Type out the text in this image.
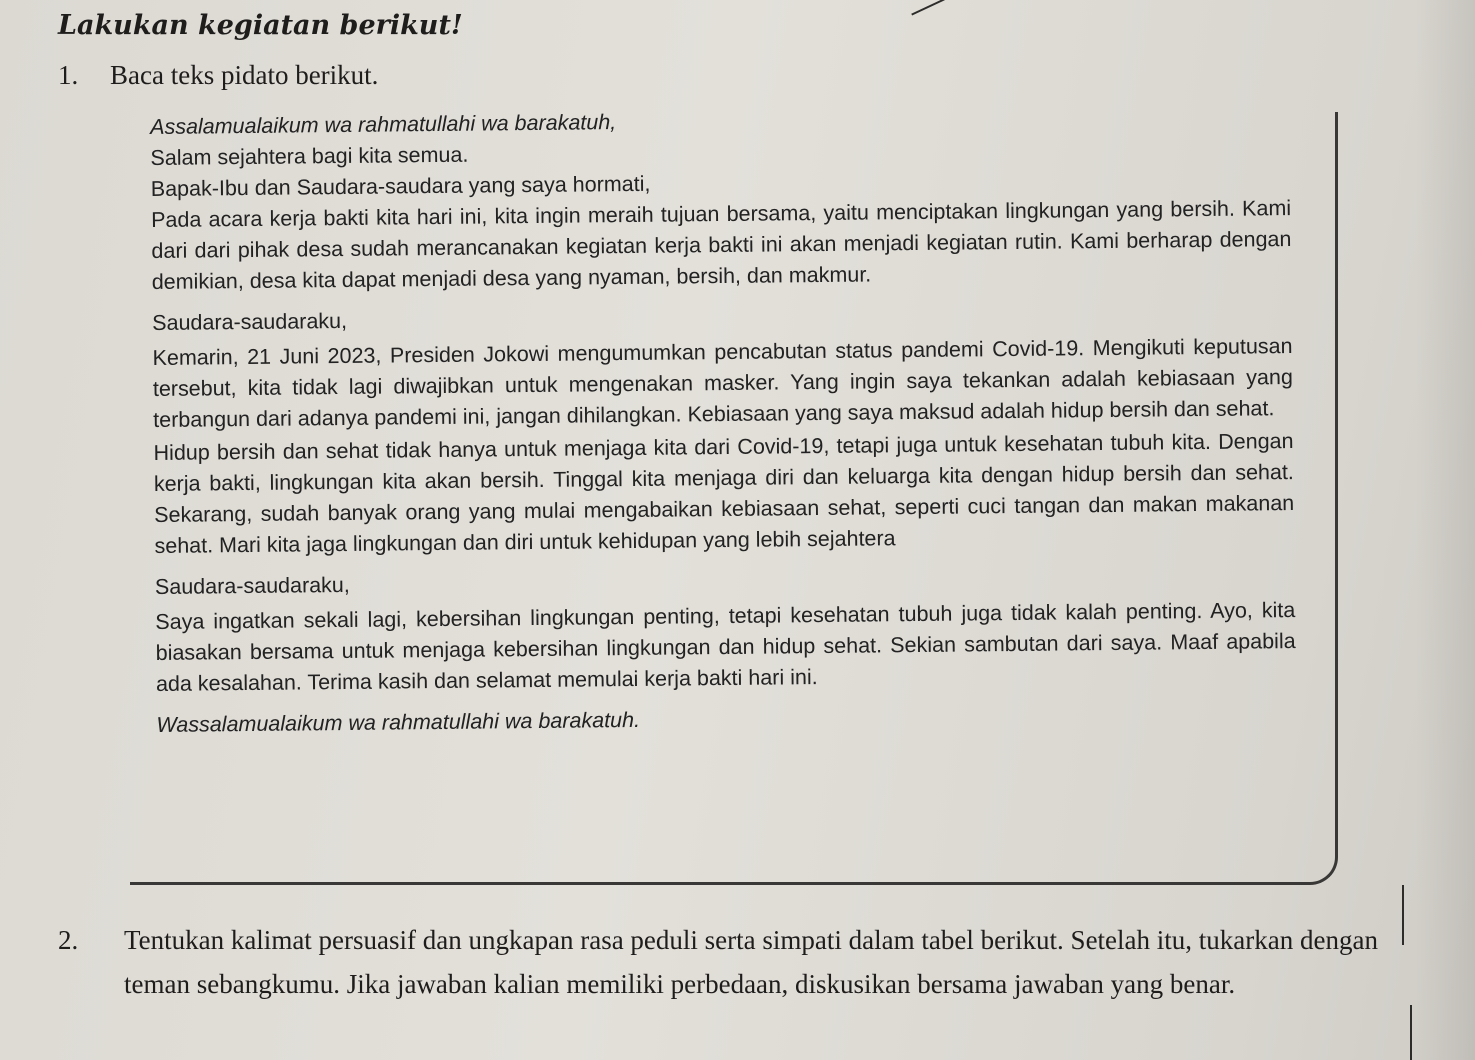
Lakukan kegiatan berikut!
1.	Baca teks pidato berikut.

Assalamualaikum wa rahmatullahi wa barakatuh,

Salam sejahtera bagi kita semua.
Bapak-Ibu dan Saudara-saudara yang saya hormati,

Pada acara kerja bakti kita hari ini, kita ingin meraih tujuan bersama, yaitu menciptakan lingkungan yang bersih. Kami dari dari pihak desa sudah merancanakan kegiatan kerja bakti ini akan menjadi kegiatan rutin. Kami berharap dengan demikian, desa kita dapat menjadi desa yang nyaman, bersih, dan makmur.

Saudara-saudaraku,

Kemarin, 21 Juni 2023, Presiden Jokowi mengumumkan pencabutan status pandemi Covid-19. Mengikuti keputusan tersebut, kita tidak lagi diwajibkan untuk mengenakan masker. Yang ingin saya tekankan adalah kebiasaan yang terbangun dari adanya pandemi ini, jangan dihilangkan. Kebiasaan yang saya maksud adalah hidup bersih dan sehat.

Hidup bersih dan sehat tidak hanya untuk menjaga kita dari Covid-19, tetapi juga untuk kesehatan tubuh kita. Dengan kerja bakti, lingkungan kita akan bersih. Tinggal kita menjaga diri dan keluarga kita dengan hidup bersih dan sehat. Sekarang, sudah banyak orang yang mulai mengabaikan kebiasaan sehat, seperti cuci tangan dan makan makanan sehat. Mari kita jaga lingkungan dan diri untuk kehidupan yang lebih sejahtera

Saudara-saudaraku,

Saya ingatkan sekali lagi, kebersihan lingkungan penting, tetapi kesehatan tubuh juga tidak kalah penting. Ayo, kita biasakan bersama untuk menjaga kebersihan lingkungan dan hidup sehat. Sekian sambutan dari saya. Maaf apabila ada kesalahan. Terima kasih dan selamat memulai kerja bakti hari ini.

Wassalamualaikum wa rahmatullahi wa barakatuh.

2. Tentukan kalimat persuasif dan ungkapan rasa peduli serta simpati dalam tabel berikut. Setelah itu, tukarkan dengan teman sebangkumu. Jika jawaban kalian memiliki perbedaan, diskusikan bersama jawaban yang benar.
